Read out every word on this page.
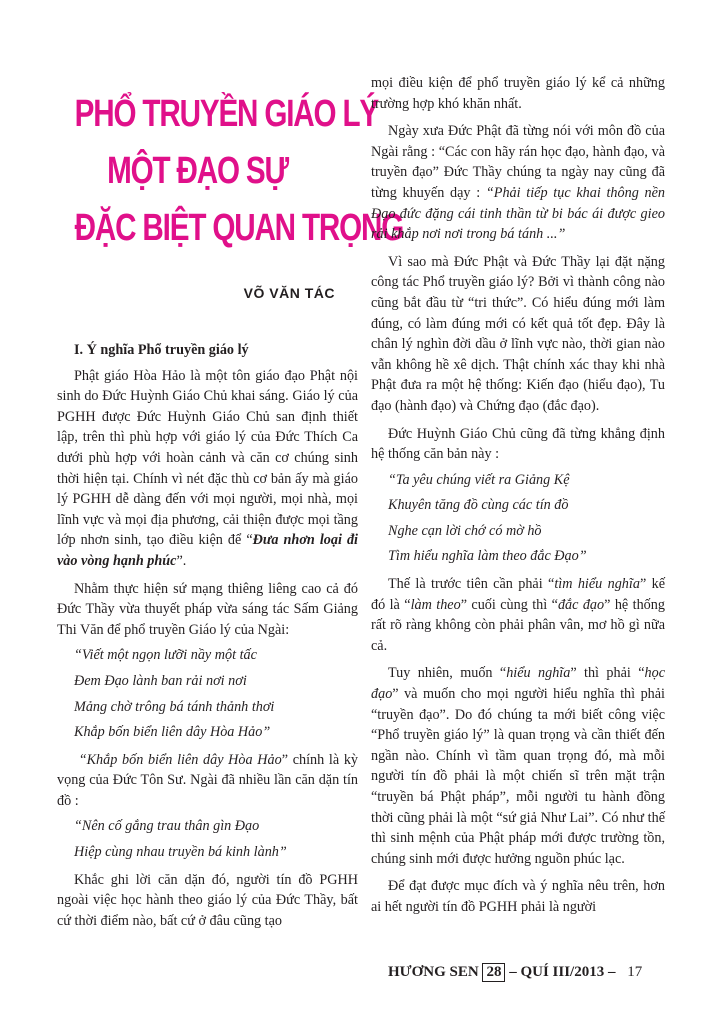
PHỔ TRUYỀN GIÁO LÝ
MỘT ĐẠO SỰ
ĐẶC BIỆT QUAN TRỌNG
VÕ VĂN TÁC

I. Ý nghĩa Phổ truyền giáo lý

Phật giáo Hòa Hảo là một tôn giáo đạo Phật nội sinh do Đức Huỳnh Giáo Chủ khai sáng. Giáo lý của PGHH được Đức Huỳnh Giáo Chủ san định thiết lập, trên thì phù hợp với giáo lý của Đức Thích Ca dưới phù hợp với hoàn cảnh và căn cơ chúng sinh thời hiện tại. Chính vì nét đặc thù cơ bản ấy mà giáo lý PGHH dễ dàng đến với mọi người, mọi nhà, mọi lĩnh vực và mọi địa phương, cải thiện được mọi tầng lớp nhơn sinh, tạo điều kiện để “Đưa nhơn loại đi vào vòng hạnh phúc”.

Nhằm thực hiện sứ mạng thiêng liêng cao cả đó Đức Thầy vừa thuyết pháp vừa sáng tác Sấm Giảng Thi Văn để phổ truyền Giáo lý của Ngài:

“Viết một ngọn lưỡi nầy một tấc

Đem Đạo lành ban rải nơi nơi

Mảng chờ trông bá tánh thảnh thơi

Khắp bốn biển liên dây Hòa Hảo”

“Khắp bốn biển liên dây Hòa Hảo” chính là kỳ vọng của Đức Tôn Sư. Ngài đã nhiều lần căn dặn tín đồ :

“Nên cố gắng trau thân gìn Đạo

Hiệp cùng nhau truyền bá kinh lành”

Khắc ghi lời căn dặn đó, người tín đồ PGHH ngoài việc học hành theo giáo lý của Đức Thầy, bất cứ thời điểm nào, bất cứ ở đâu cũng tạo

mọi điều kiện để phổ truyền giáo lý kể cả những trường hợp khó khăn nhất.

Ngày xưa Đức Phật đã từng nói với môn đồ của Ngài rằng : “Các con hãy rán học đạo, hành đạo, và truyền đạo” Đức Thầy chúng ta ngày nay cũng đã từng khuyến dạy : “Phải tiếp tục khai thông nền Đạo đức đặng cái tinh thần từ bi bác ái được gieo rải khắp nơi nơi trong bá tánh ...”

Vì sao mà Đức Phật và Đức Thầy lại đặt nặng công tác Phổ truyền giáo lý? Bởi vì thành công nào cũng bắt đầu từ “tri thức”. Có hiểu đúng mới làm đúng, có làm đúng mới có kết quả tốt đẹp. Đây là chân lý nghìn đời dầu ở lĩnh vực nào, thời gian nào vẫn không hề xê dịch. Thật chính xác thay khi nhà Phật đưa ra một hệ thống: Kiến đạo (hiểu đạo), Tu đạo (hành đạo) và Chứng đạo (đắc đạo).

Đức Huỳnh Giáo Chủ cũng đã từng khẳng định hệ thống căn bản này :

“Ta yêu chúng viết ra Giảng Kệ

Khuyên tăng đồ cùng các tín đồ

Nghe cạn lời chớ có mờ hồ

Tìm hiểu nghĩa làm theo đắc Đạo”

Thế là trước tiên cần phải “tìm hiểu nghĩa” kế đó là “làm theo” cuối cùng thì “đắc đạo” hệ thống rất rõ ràng không còn phải phân vân, mơ hồ gì nữa cả.

Tuy nhiên, muốn “hiểu nghĩa” thì phải “học đạo” và muốn cho mọi người hiểu nghĩa thì phải “truyền đạo”. Do đó chúng ta mới biết công việc “Phổ truyền giáo lý” là quan trọng và cần thiết đến ngần nào. Chính vì tầm quan trọng đó, mà mỗi người tín đồ phải là một chiến sĩ trên mặt trận “truyền bá Phật pháp”, mỗi người tu hành đồng thời cũng phải là một “sứ giả Như Lai”. Có như thế thì sinh mệnh của Phật pháp mới được trường tồn, chúng sinh mới được hưởng nguồn phúc lạc.

Để đạt được mục đích và ý nghĩa nêu trên, hơn ai hết người tín đồ PGHH phải là người

HƯƠNG SEN 28 – QUÍ III/2013 – 17
